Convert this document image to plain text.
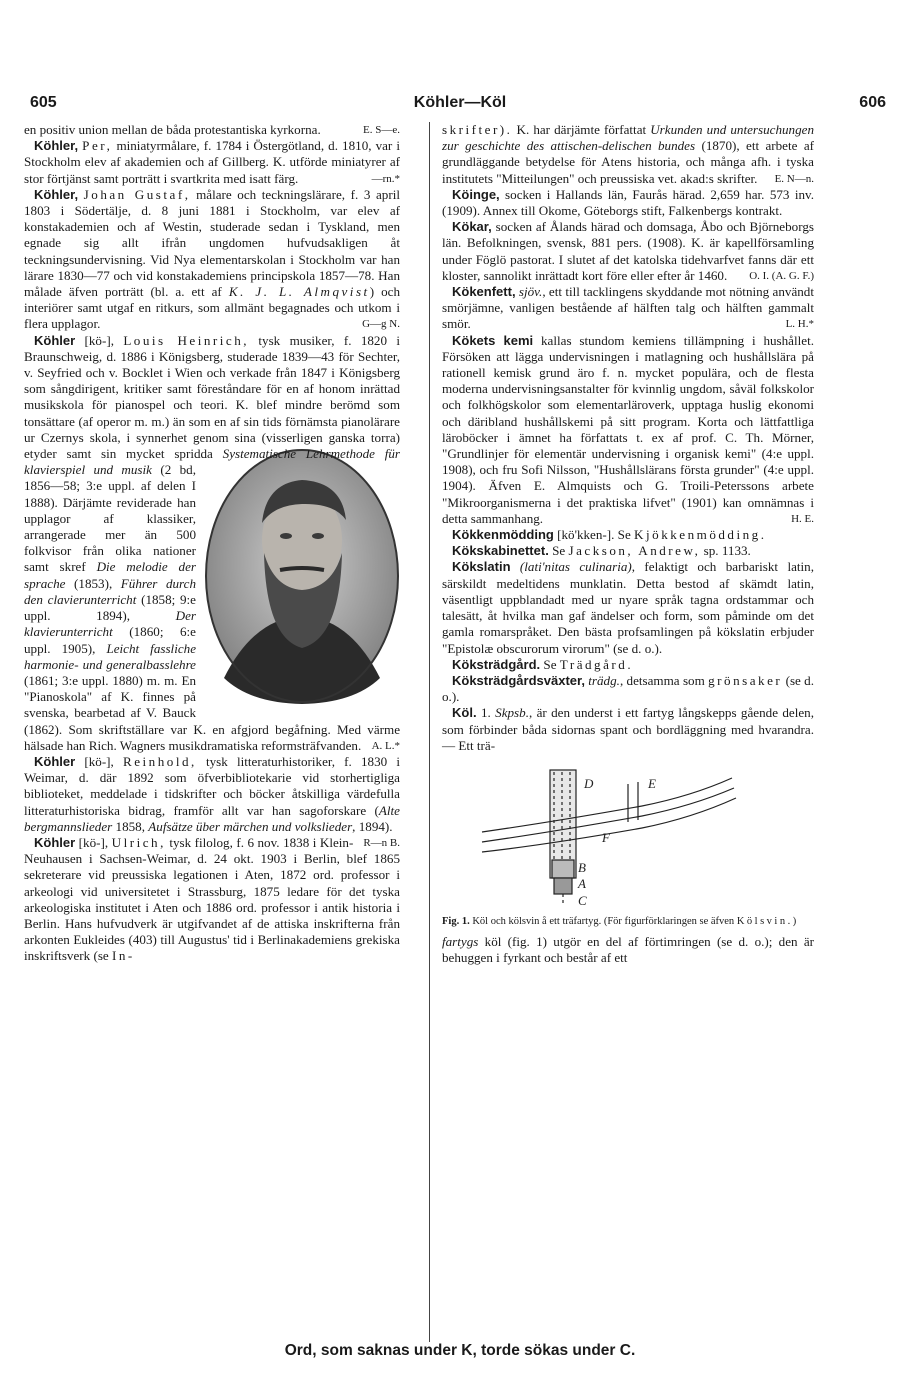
605	Köhler—Köl	606

en positiv union mellan de båda protestantiska kyrkorna.	E. S—e.

Köhler, Per, miniatyrmålare, f. 1784 i Östergötland, d. 1810, var i Stockholm elev af akademien och af Gillberg. K. utförde miniatyrer af stor förtjänst samt porträtt i svartkrita med isatt färg.	—rn.*

Köhler, Johan Gustaf, målare och teckningslärare, f. 3 april 1803 i Södertälje, d. 8 juni 1881 i Stockholm, var elev af konstakademien och af Westin, studerade sedan i Tyskland, men egnade sig allt ifrån ungdomen hufvudsakligen åt teckningsundervisning. Vid Nya elementarskolan i Stockholm var han lärare 1830—77 och vid konstakademiens principskola 1857—78. Han målade äfven porträtt (bl. a. ett af K. J. L. Almqvist) och interiörer samt utgaf en ritkurs, som allmänt begagnades och utkom i flera upplagor.	G—g N.

Köhler [kö-], Louis Heinrich, tysk musiker, f. 1820 i Braunschweig, d. 1886 i Königsberg, studerade 1839—43 för Sechter, v. Seyfried och v. Bocklet i Wien och verkade från 1847 i Königsberg som sångdirigent, kritiker samt föreståndare för en af honom inrättad musikskola för pianospel och teori. K. blef mindre berömd som tonsättare (af operor m. m.) än som en af sin tids förnämsta pianolärare ur Czernys skola, i synnerhet genom sina (visserligen ganska torra) etyder samt sin mycket spridda Systematische Lehrmethode für klavierspiel und musik (2 bd, 1856—58; 3:e uppl. af delen I 1888). Därjämte reviderade han upplagor af klassiker, arrangerade mer än 500 folkvisor från olika nationer samt skref Die melodie der sprache (1853), Führer durch den clavierunterricht (1858; 9:e uppl. 1894),	Der klavierunterricht (1860; 6:e uppl. 1905), Leicht fassliche harmonie- und generalbasslehre (1861; 3:e uppl. 1880) m. m. En "Pianoskola" af K. finnes på svenska, bearbetad af V. Bauck (1862). Som skriftställare var K. en afgjord begåfning. Med värme hälsade han Rich. Wagners musikdramatiska reformsträfvanden. A. L.*

Köhler [kö-], Reinhold, tysk litteraturhistoriker, f. 1830 i Weimar, d. där 1892 som öfverbibliotekarie vid storhertigliga biblioteket, meddelade i tidskrifter och böcker åtskilliga värdefulla litteraturhistoriska bidrag, framför allt var han sagoforskare (Alte bergmannslieder 1858, Aufsätze über märchen und volkslieder, 1894).
R—n B.

Köhler [kö-], Ulrich, tysk filolog, f. 6 nov. 1838 i Klein-Neuhausen i Sachsen-Weimar, d. 24 okt. 1903 i Berlin, blef 1865 sekreterare vid preussiska legationen i Aten, 1872 ord. professor i arkeologi vid universitetet i Strassburg, 1875 ledare för det tyska arkeologiska institutet i Aten och 1886 ord. professor i antik historia i Berlin. Hans hufvudverk är utgifvandet af de attiska inskrifterna från arkonten Eukleides (403) till Augustus' tid i Berlinakademiens grekiska inskriftsverk (se In-

skrifter). K. har därjämte författat Urkunden und untersuchungen zur geschichte des attischen-delischen bundes (1870), ett arbete af grundläggande betydelse för Atens historia, och många afh. i tyska institutets "Mitteilungen" och preussiska vet. akad:s skrifter. E. N—n.

Köinge, socken i Hallands län, Faurås härad. 2,659 har. 573 inv. (1909). Annex till Okome, Göteborgs stift, Falkenbergs kontrakt.

Kökar, socken af Ålands härad och domsaga, Åbo och Björneborgs län. Befolkningen, svensk, 881 pers. (1908). K. är kapellförsamling under Föglö pastorat. I slutet af det katolska tidehvarfvet fanns där ett kloster, sannolikt inrättadt kort före eller efter år 1460.	O. I. (A. G. F.)

Kökenfett, sjöv., ett till tacklingens skyddande mot nötning användt smörjämne, vanligen bestående af hälften talg och hälften gammalt smör.	L. H.*

Kökets kemi kallas stundom kemiens tillämpning i hushållet. Försöken att lägga undervisningen i matlagning och hushållslära på rationell kemisk grund äro f. n. mycket populära, och de flesta moderna undervisningsanstalter för kvinnlig ungdom, såväl folkskolor och folkhögskolor som elementarläroverk, upptaga huslig ekonomi och däribland hushållskemi på sitt program. Korta och lättfattliga läroböcker i ämnet ha författats t. ex af prof. C. Th. Mörner, "Grundlinjer för elementär undervisning i organisk kemi" (4:e uppl. 1908), och fru Sofi Nilsson, "Hushållslärans första grunder" (4:e uppl. 1904). Äfven E. Almquists och G. Troili-Peterssons arbete "Mikroorganismerna i det praktiska lifvet" (1901) kan omnämnas i detta sammanhang.	H. E.

Kökkenmödding [kö'kken-]. Se Kjökkenmödding.

Kökskabinettet. Se Jackson, Andrew, sp. 1133.

Kökslatin (lati'nitas culinaria), felaktigt och barbariskt latin, särskildt medeltidens munklatin. Detta bestod af skämdt latin, väsentligt uppblandadt med ur nyare språk tagna ordstammar och talesätt, åt hvilka man gaf ändelser och form, som påminde om det gamla romarspråket. Den bästa profsamlingen på kökslatin erbjuder "Epistolæ obscurorum virorum" (se d. o.).

Köksträdgård. Se Trädgård.

Köksträdgårdsväxter, trädg., detsamma som grönsaker (se d. o.).

Köl. 1. Skpsb., är den underst i ett fartyg långskepps gående delen, som förbinder båda sidornas spant och bordläggning med hvarandra. — Ett trä-

D	E
F
B
A
C
Fig. 1. Köl och kölsvin å ett träfartyg. (För figurförklaringen se äfven Kölsvin.)

fartygs köl (fig. 1) utgör en del af förtimringen (se d. o.); den är behuggen i fyrkant och består af ett

Ord, som saknas under K, torde sökas under C.
